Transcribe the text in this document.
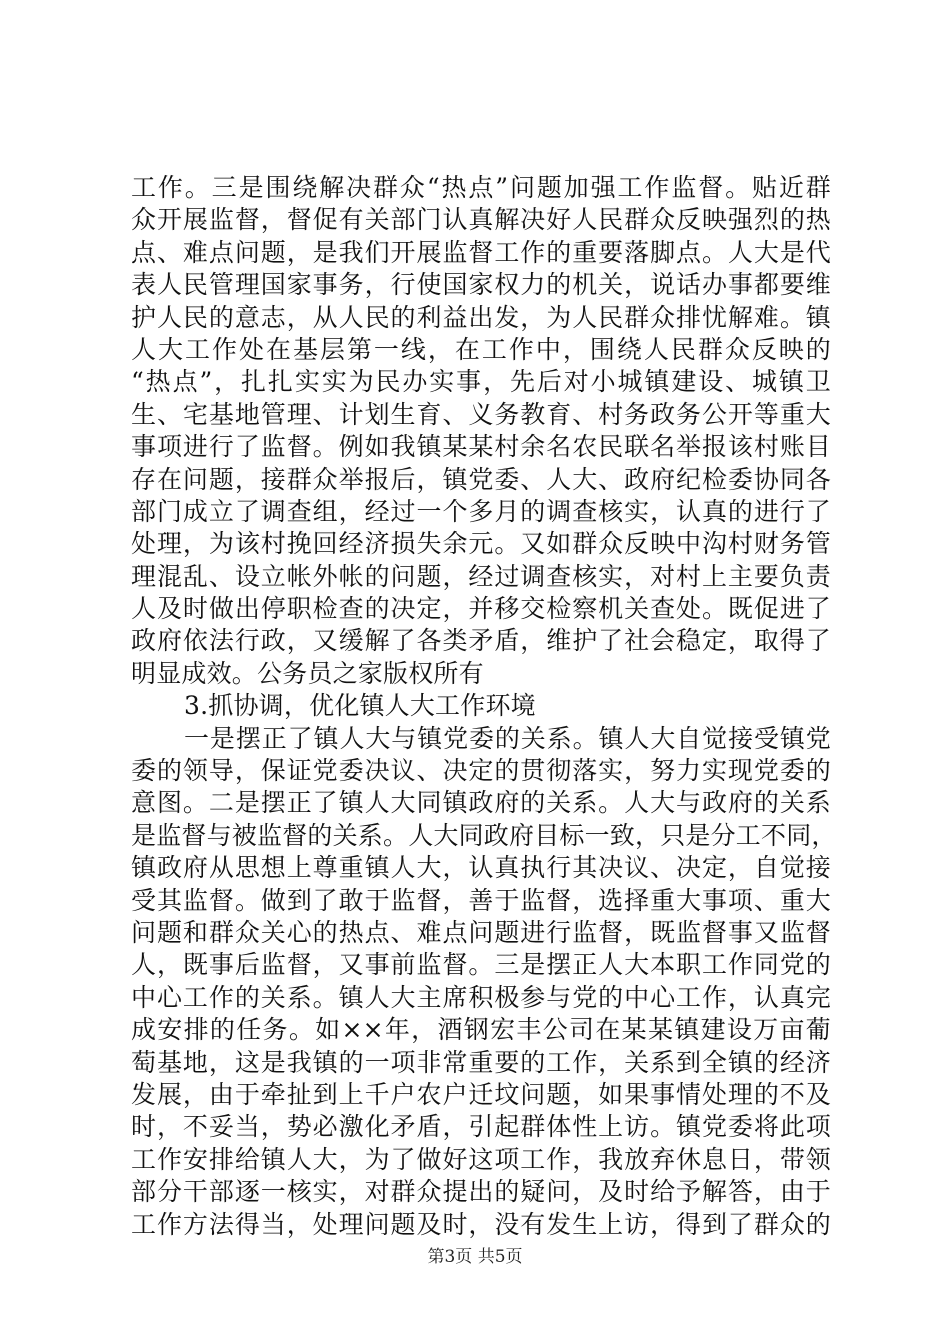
工作。三是围绕解决群众“热点”问题加强工作监督。贴近群
众开展监督，督促有关部门认真解决好人民群众反映强烈的热
点、难点问题，是我们开展监督工作的重要落脚点。人大是代
表人民管理国家事务，行使国家权力的机关，说话办事都要维
护人民的意志，从人民的利益出发，为人民群众排忧解难。镇
人大工作处在基层第一线，在工作中，围绕人民群众反映的
“热点”，扎扎实实为民办实事，先后对小城镇建设、城镇卫
生、宅基地管理、计划生育、义务教育、村务政务公开等重大
事项进行了监督。例如我镇某某村余名农民联名举报该村账目
存在问题，接群众举报后，镇党委、人大、政府纪检委协同各
部门成立了调查组，经过一个多月的调查核实，认真的进行了
处理，为该村挽回经济损失余元。又如群众反映中沟村财务管
理混乱、设立帐外帐的问题，经过调查核实，对村上主要负责
人及时做出停职检查的决定，并移交检察机关查处。既促进了
政府依法行政，又缓解了各类矛盾，维护了社会稳定，取得了
明显成效。公务员之家版权所有
3.抓协调，优化镇人大工作环境
一是摆正了镇人大与镇党委的关系。镇人大自觉接受镇党
委的领导，保证党委决议、决定的贯彻落实，努力实现党委的
意图。二是摆正了镇人大同镇政府的关系。人大与政府的关系
是监督与被监督的关系。人大同政府目标一致，只是分工不同，
镇政府从思想上尊重镇人大，认真执行其决议、决定，自觉接
受其监督。做到了敢于监督，善于监督，选择重大事项、重大
问题和群众关心的热点、难点问题进行监督，既监督事又监督
人，既事后监督，又事前监督。三是摆正人大本职工作同党的
中心工作的关系。镇人大主席积极参与党的中心工作，认真完
成安排的任务。如××年，酒钢宏丰公司在某某镇建设万亩葡
萄基地，这是我镇的一项非常重要的工作，关系到全镇的经济
发展，由于牵扯到上千户农户迁坟问题，如果事情处理的不及
时，不妥当，势必激化矛盾，引起群体性上访。镇党委将此项
工作安排给镇人大，为了做好这项工作，我放弃休息日，带领
部分干部逐一核实，对群众提出的疑问，及时给予解答，由于
工作方法得当，处理问题及时，没有发生上访，得到了群众的
第3页 共5页
